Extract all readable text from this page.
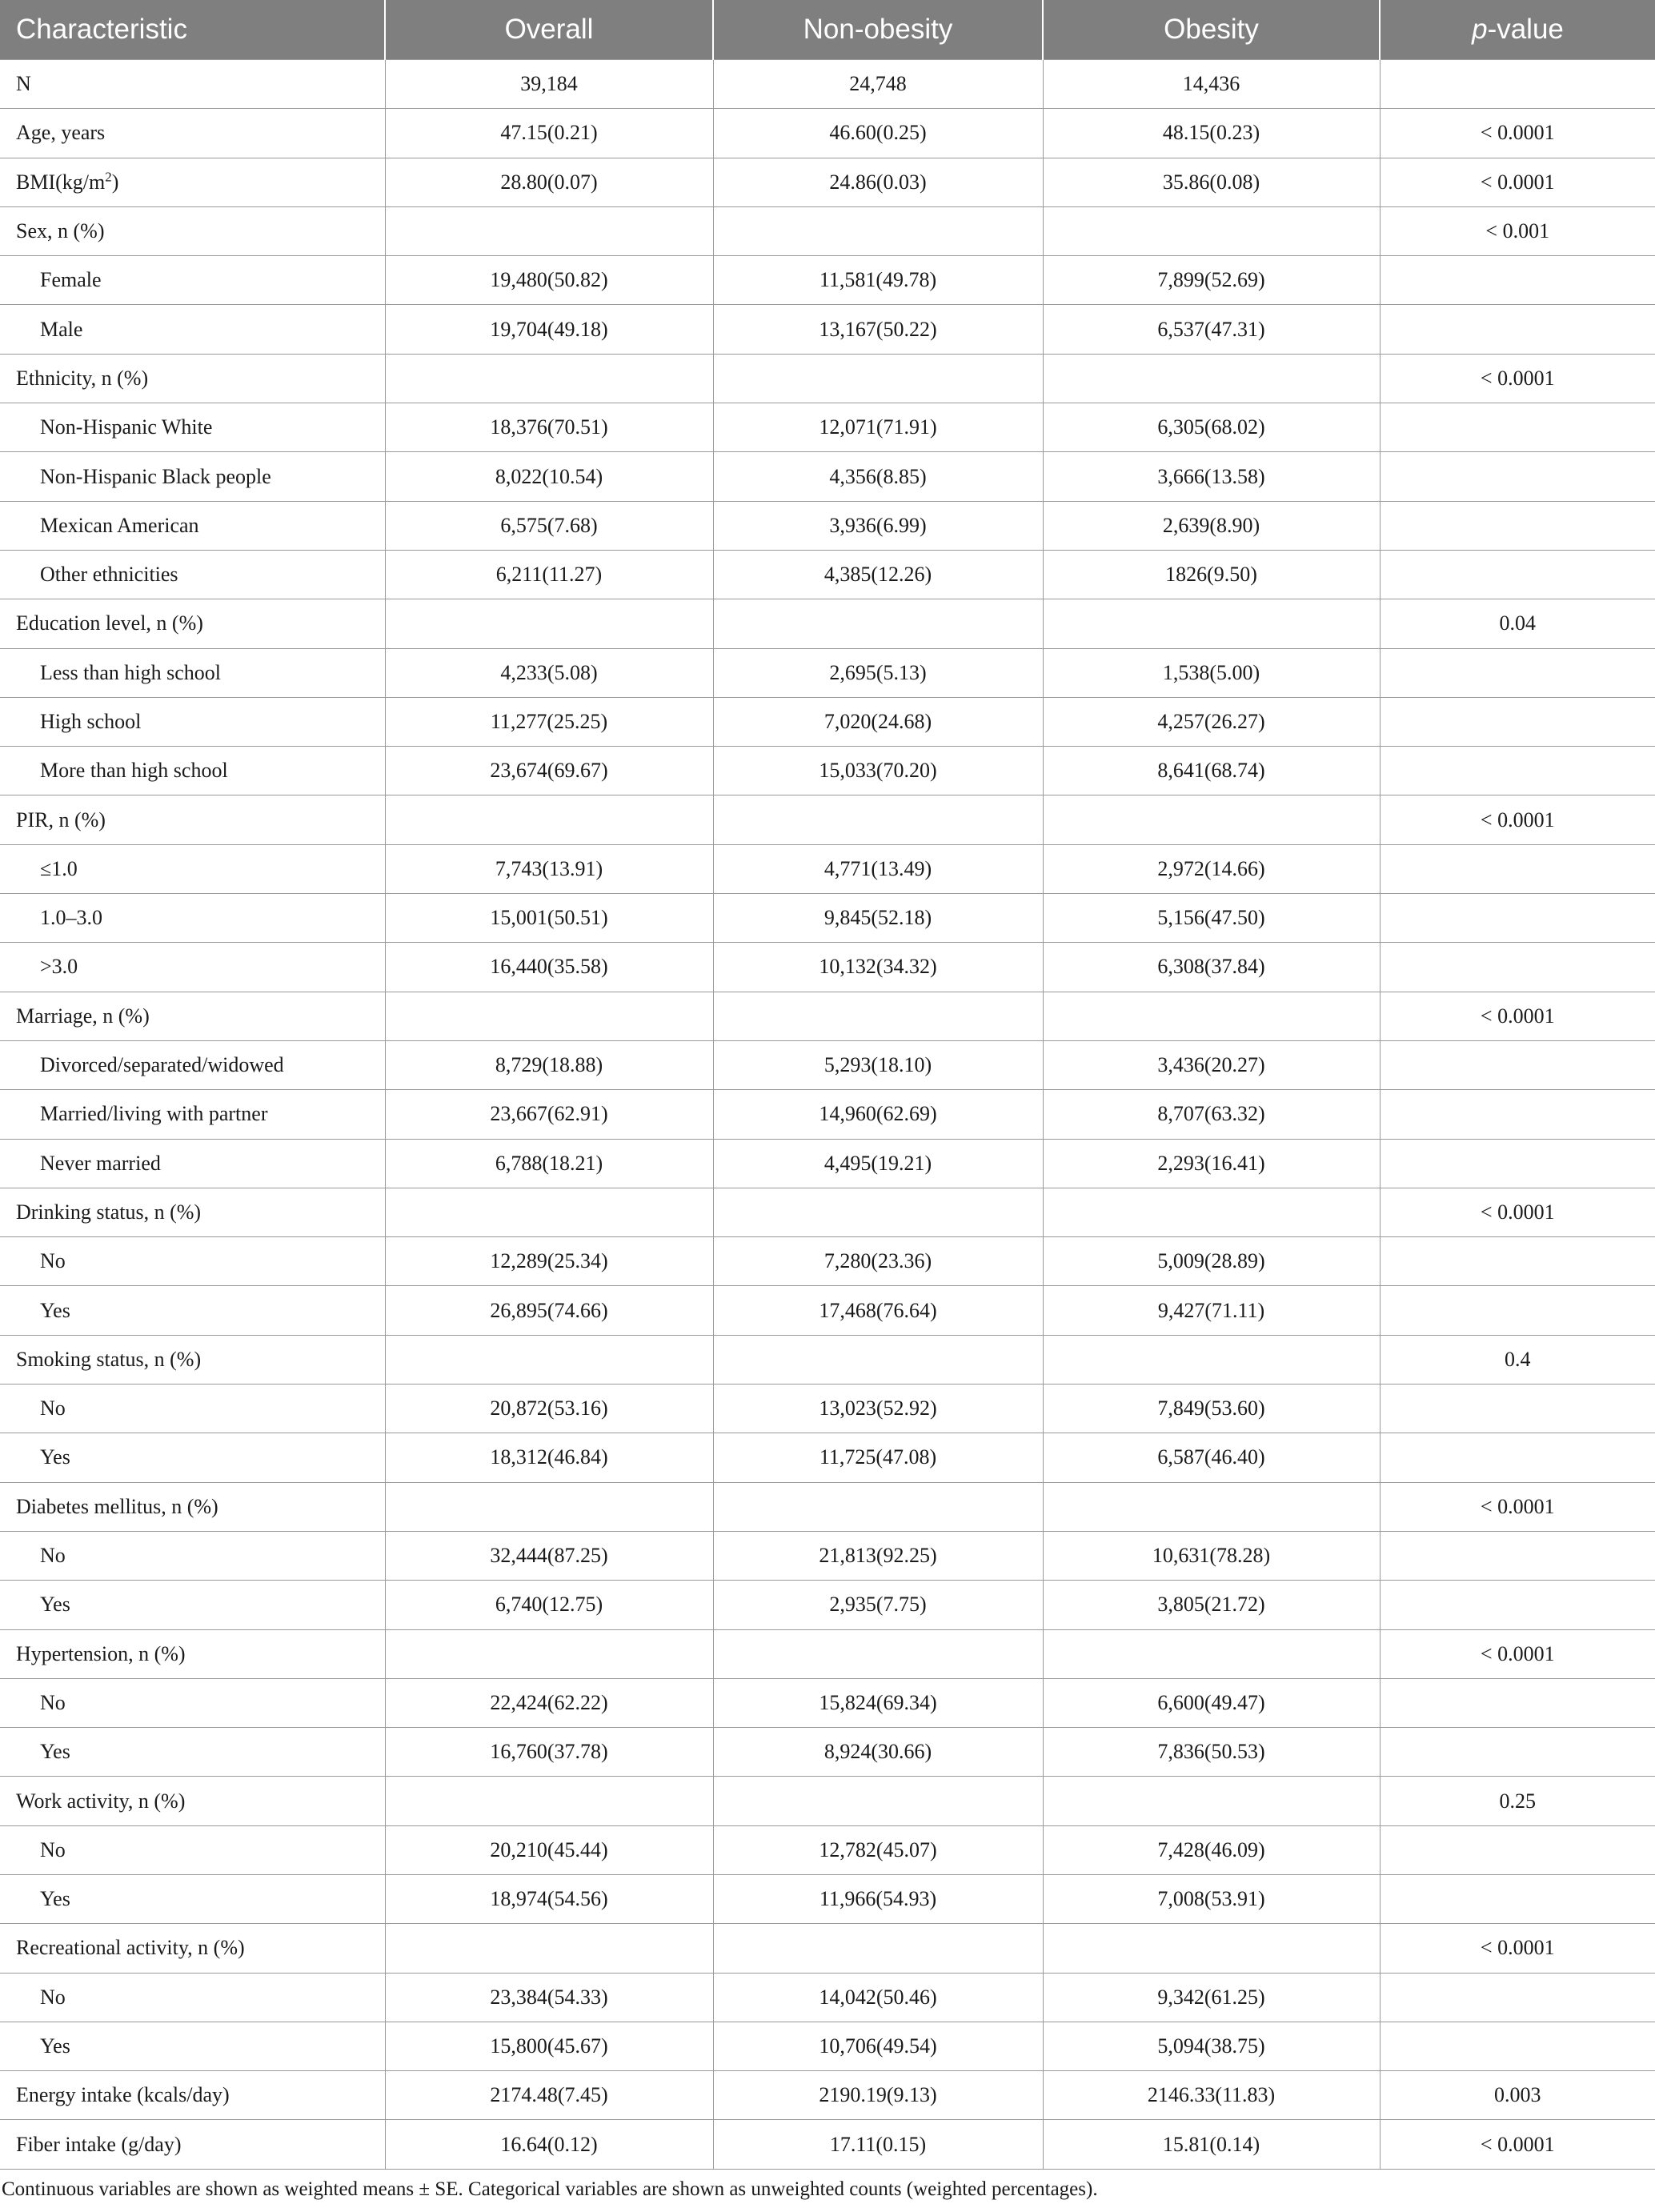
Characteristic	Overall	Non-obesity	Obesity	p-value
N	39,184	24,748	14,436	
Age, years	47.15(0.21)	46.60(0.25)	48.15(0.23)	< 0.0001
$BMI(kg/m^2)$	28.80(0.07)	24.86(0.03)	35.86(0.08)	< 0.0001
Sex, n (%)				< 0.001
Female	19,480(50.82)	11,581(49.78)	7,899(52.69)	
Male	19,704(49.18)	13,167(50.22)	6,537(47.31)	
Ethnicity, n (%)				< 0.0001
Non-Hispanic White	18,376(70.51)	12,071(71.91)	6,305(68.02)	
Non-Hispanic Black people	8,022(10.54)	4,356(8.85)	3,666(13.58)	
Mexican American	6,575(7.68)	3,936(6.99)	2,639(8.90)	
Other ethnicities	6,211(11.27)	4,385(12.26)	1826(9.50)	
Education level, n (%)				0.04
Less than high school	4,233(5.08)	2,695(5.13)	1,538(5.00)	
High school	11,277(25.25)	7,020(24.68)	4,257(26.27)	
More than high school	23,674(69.67)	15,033(70.20)	8,641(68.74)	
PIR, n (%)				< 0.0001
≤1.0	7,743(13.91)	4,771(13.49)	2,972(14.66)	
1.0–3.0	15,001(50.51)	9,845(52.18)	5,156(47.50)	
>3.0	16,440(35.58)	10,132(34.32)	6,308(37.84)	
Marriage, n (%)				< 0.0001
Divorced/separated/widowed	8,729(18.88)	5,293(18.10)	3,436(20.27)	
Married/living with partner	23,667(62.91)	14,960(62.69)	8,707(63.32)	
Never married	6,788(18.21)	4,495(19.21)	2,293(16.41)	
Drinking status, n (%)				< 0.0001
No	12,289(25.34)	7,280(23.36)	5,009(28.89)	
Yes	26,895(74.66)	17,468(76.64)	9,427(71.11)	
Smoking status, n (%)				0.4
No	20,872(53.16)	13,023(52.92)	7,849(53.60)	
Yes	18,312(46.84)	11,725(47.08)	6,587(46.40)	
Diabetes mellitus, n (%)				< 0.0001
No	32,444(87.25)	21,813(92.25)	10,631(78.28)	
Yes	6,740(12.75)	2,935(7.75)	3,805(21.72)	
Hypertension, n (%)				< 0.0001
No	22,424(62.22)	15,824(69.34)	6,600(49.47)	
Yes	16,760(37.78)	8,924(30.66)	7,836(50.53)	
Work activity, n (%)				0.25
No	20,210(45.44)	12,782(45.07)	7,428(46.09)	
Yes	18,974(54.56)	11,966(54.93)	7,008(53.91)	
Recreational activity, n (%)				< 0.0001
No	23,384(54.33)	14,042(50.46)	9,342(61.25)	
Yes	15,800(45.67)	10,706(49.54)	5,094(38.75)	
Energy intake (kcals/day)	2174.48(7.45)	2190.19(9.13)	2146.33(11.83)	0.003
Fiber intake (g/day)	16.64(0.12)	17.11(0.15)	15.81(0.14)	< 0.0001

Continuous variables are shown as weighted means ± SE. Categorical variables are shown as unweighted counts (weighted percentages).
